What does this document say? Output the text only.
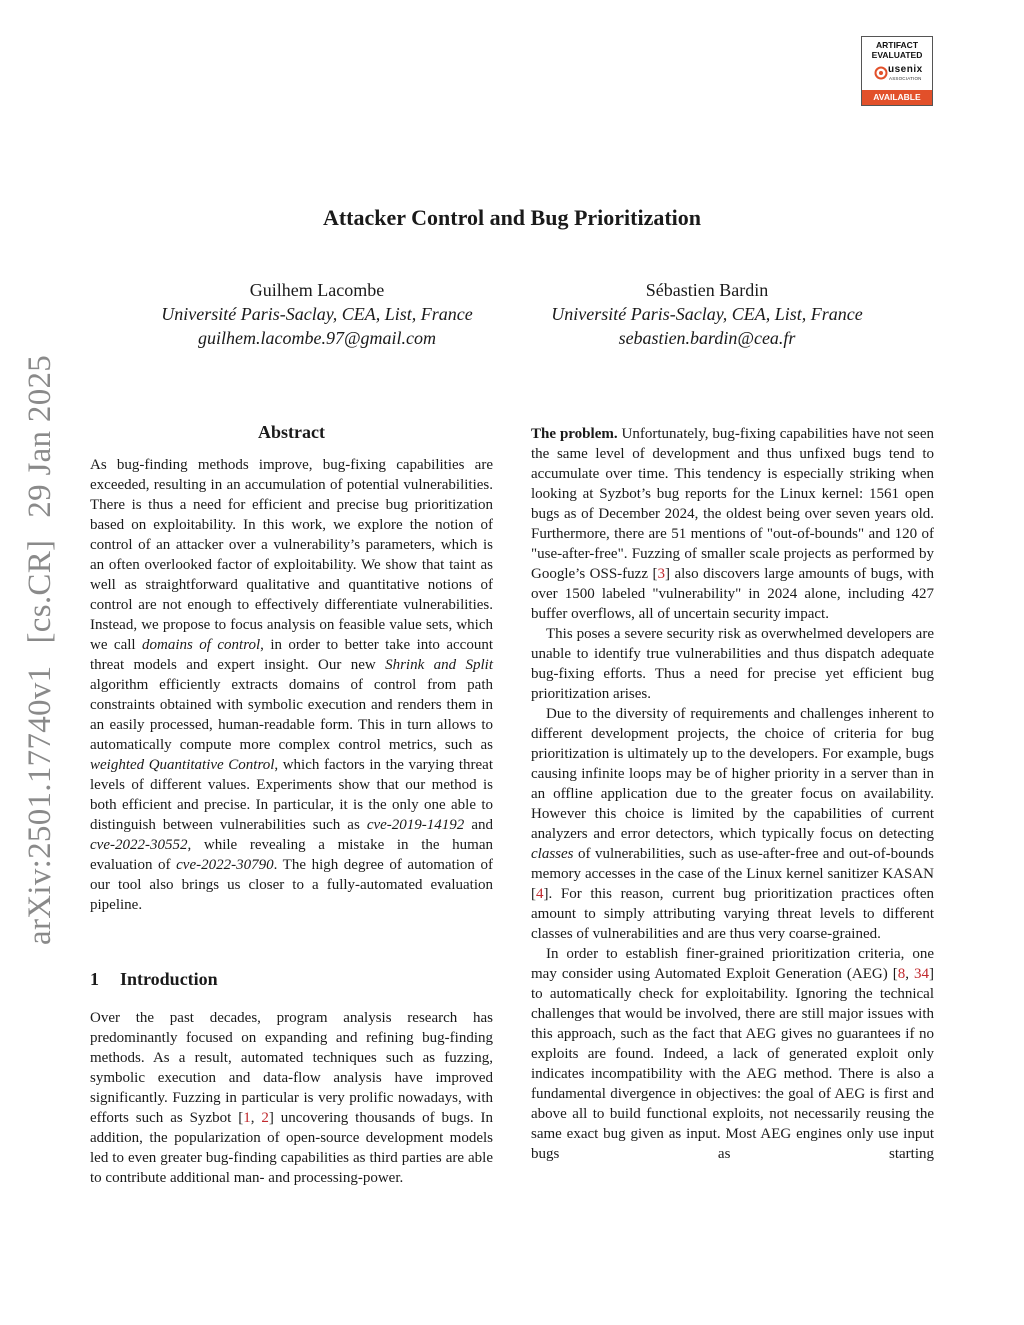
arXiv:2501.17740v1[cs.CR]29 Jan 2025
ARTIFACT
EVALUATED
usenix
ASSOCIATION
AVAILABLE
Attacker Control and Bug Prioritization
Guilhem Lacombe
Université Paris-Saclay, CEA, List, France
guilhem.lacombe.97@gmail.com
Sébastien Bardin
Université Paris-Saclay, CEA, List, France
sebastien.bardin@cea.fr
Abstract

As bug-finding methods improve, bug-fixing capabilities are exceeded, resulting in an accumulation of potential vulnerabilities. There is thus a need for efficient and precise bug prioritization based on exploitability. In this work, we explore the notion of control of an attacker over a vulnerability’s parameters, which is an often overlooked factor of exploitability. We show that taint as well as straightforward qualitative and quantitative notions of control are not enough to effectively differentiate vulnerabilities. Instead, we propose to focus analysis on feasible value sets, which we call domains of control, in order to better take into account threat models and expert insight. Our new Shrink and Split algorithm efficiently extracts domains of control from path constraints obtained with symbolic execution and renders them in an easily processed, human-readable form. This in turn allows to automatically compute more complex control metrics, such as weighted Quantitative Control, which factors in the varying threat levels of different values. Experiments show that our method is both efficient and precise. In particular, it is the only one able to distinguish between vulnerabilities such as cve-2019-14192 and cve-2022-30552, while revealing a mistake in the human evaluation of cve-2022-30790. The high degree of automation of our tool also brings us closer to a fully-automated evaluation pipeline.

1 Introduction

Over the past decades, program analysis research has predominantly focused on expanding and refining bug-finding methods. As a result, automated techniques such as fuzzing, symbolic execution and data-flow analysis have improved significantly. Fuzzing in particular is very prolific nowadays, with efforts such as Syzbot [1, 2] uncovering thousands of bugs. In addition, the popularization of open-source development models led to even greater bug-finding capabilities as third parties are able to contribute additional man- and processing-power.

The problem. Unfortunately, bug-fixing capabilities have not seen the same level of development and thus unfixed bugs tend to accumulate over time. This tendency is especially striking when looking at Syzbot’s bug reports for the Linux kernel: 1561 open bugs as of December 2024, the oldest being over seven years old. Furthermore, there are 51 mentions of "out-of-bounds" and 120 of "use-after-free". Fuzzing of smaller scale projects as performed by Google’s OSS-fuzz [3] also discovers large amounts of bugs, with over 1500 labeled "vulnerability" in 2024 alone, including 427 buffer overflows, all of uncertain security impact.

This poses a severe security risk as overwhelmed developers are unable to identify true vulnerabilities and thus dispatch adequate bug-fixing efforts. Thus a need for precise yet efficient bug prioritization arises.

Due to the diversity of requirements and challenges inherent to different development projects, the choice of criteria for bug prioritization is ultimately up to the developers. For example, bugs causing infinite loops may be of higher priority in a server than in an offline application due to the greater focus on availability. However this choice is limited by the capabilities of current analyzers and error detectors, which typically focus on detecting classes of vulnerabilities, such as use-after-free and out-of-bounds memory accesses in the case of the Linux kernel sanitizer KASAN [4]. For this reason, current bug prioritization practices often amount to simply attributing varying threat levels to different classes of vulnerabilities and are thus very coarse-grained.

In order to establish finer-grained prioritization criteria, one may consider using Automated Exploit Generation (AEG) [8, 34] to automatically check for exploitability. Ignoring the technical challenges that would be involved, there are still major issues with this approach, such as the fact that AEG gives no guarantees if no exploits are found. Indeed, a lack of generated exploit only indicates incompatibility with the AEG method. There is also a fundamental divergence in objectives: the goal of AEG is first and above all to build functional exploits, not necessarily reusing the same exact bug given as input. Most AEG engines only use input bugs as starting
